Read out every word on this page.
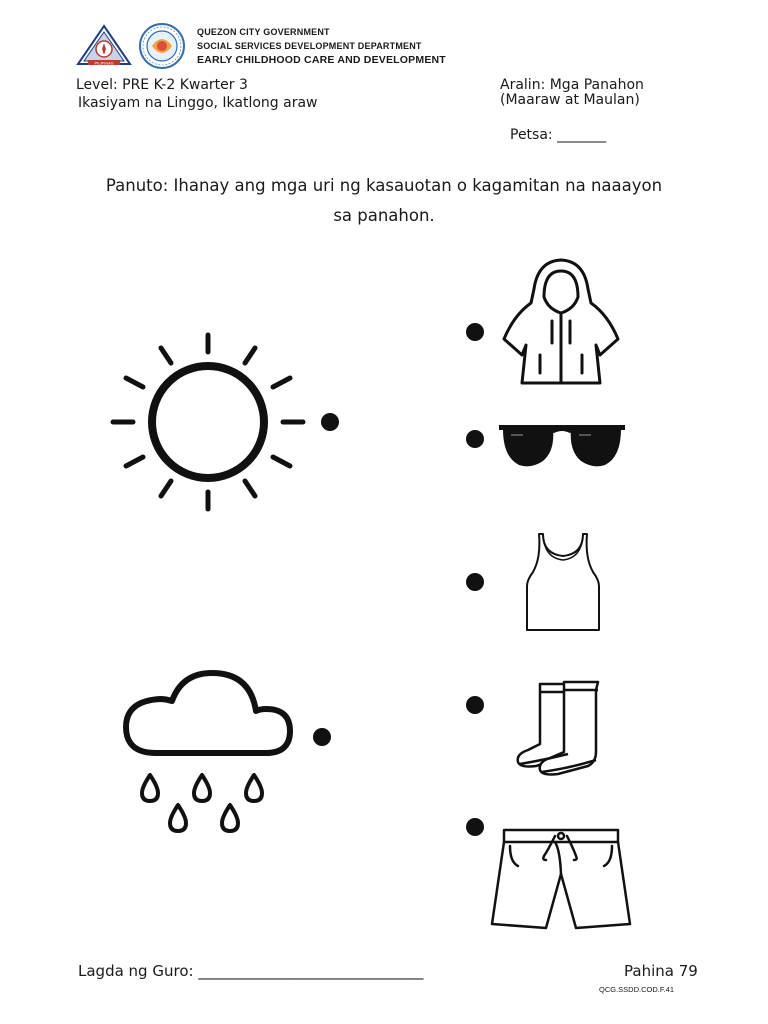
PILIPINAS
QUEZON CITY GOVERNMENT
SOCIAL SERVICES DEVELOPMENT DEPARTMENT
EARLY CHILDHOOD CARE AND DEVELOPMENT
Level: PRE K-2 Kwarter 3
Ikasiyam na Linggo, Ikatlong araw
Aralin: Mga Panahon
(Maaraw at Maulan)
Petsa: _______
Panuto: Ihanay ang mga uri ng kasauotan o kagamitan na naaayon
sa panahon.
Lagda ng Guro: ______________________________	Pahina 79
QCG.SSDD.COD.F.41
